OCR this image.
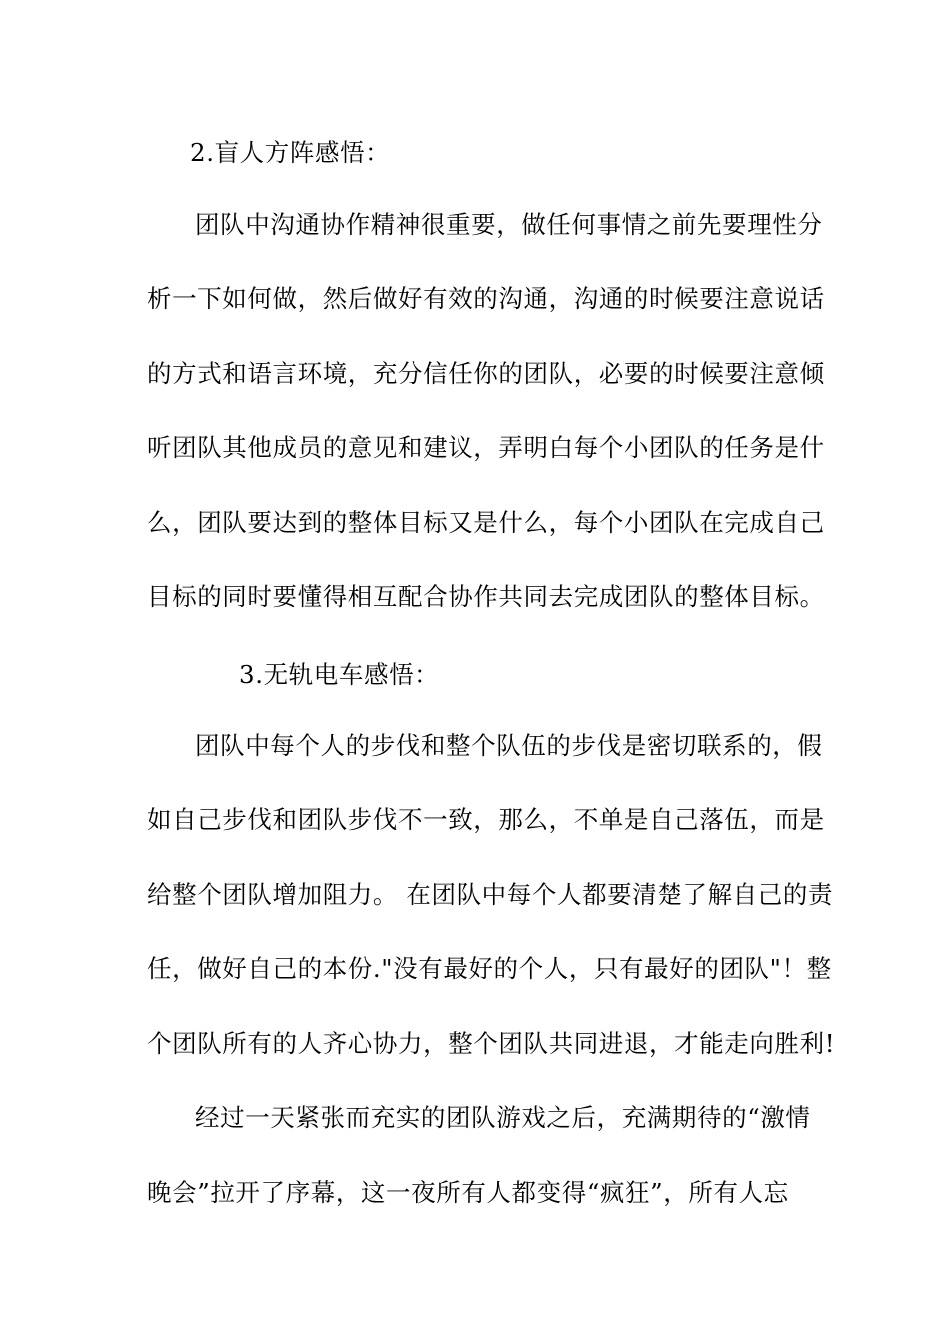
2.盲人方阵感悟：
团队中沟通协作精神很重要，做任何事情之前先要理性分
析一下如何做，然后做好有效的沟通，沟通的时候要注意说话
的方式和语言环境，充分信任你的团队，必要的时候要注意倾
听团队其他成员的意见和建议，弄明白每个小团队的任务是什
么，团队要达到的整体目标又是什么，每个小团队在完成自己
目标的同时要懂得相互配合协作共同去完成团队的整体目标。
3.无轨电车感悟：
团队中每个人的步伐和整个队伍的步伐是密切联系的，假
如自己步伐和团队步伐不一致，那么，不单是自己落伍，而是
给整个团队增加阻力。 在团队中每个人都要清楚了解自己的责
任，做好自己的本份."没有最好的个人，只有最好的团队"！整
个团队所有的人齐心协力，整个团队共同进退，才能走向胜利!
经过一天紧张而充实的团队游戏之后，充满期待的“激情
晚会”拉开了序幕，这一夜所有人都变得“疯狂”，所有人忘
